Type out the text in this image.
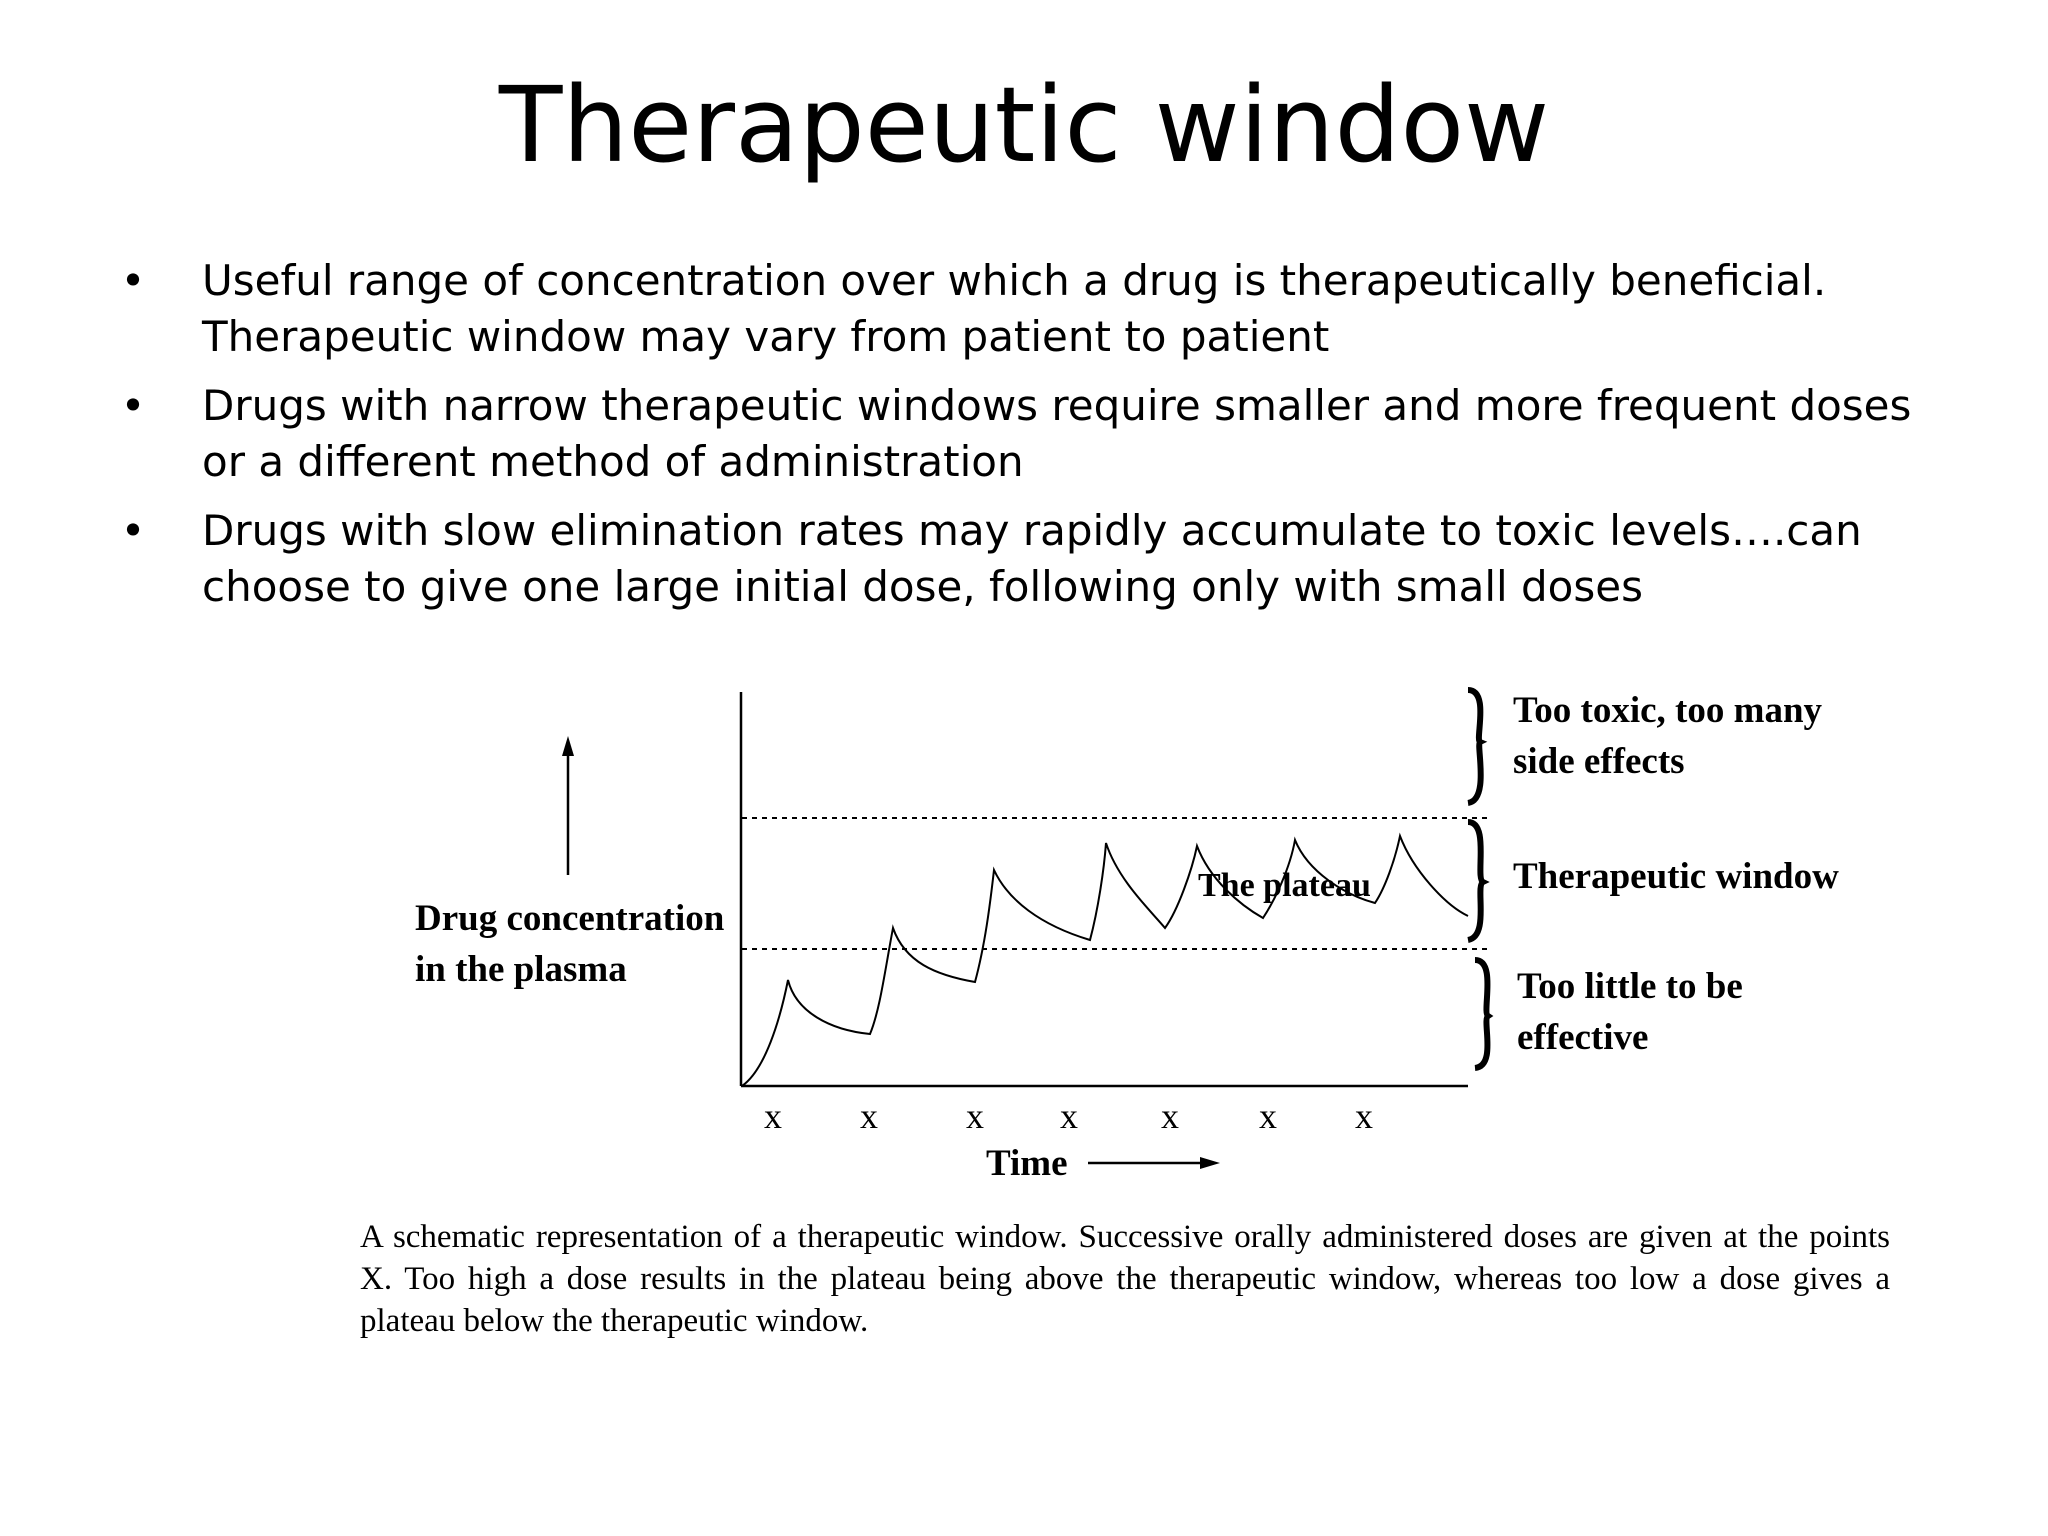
Therapeutic window
• Useful range of concentration over which a drug is therapeutically beneficial. Therapeutic window may vary from patient to patient
• Drugs with narrow therapeutic windows require smaller and more frequent doses or a different method of administration
• Drugs with slow elimination rates may rapidly accumulate to toxic levels….can choose to give one large initial dose, following only with small doses
Drug concentration
in the plasma
x x x x x x x
Time
The plateau
Too toxic, too many
side effects
Therapeutic window
Too little to be
effective

A schematic representation of a therapeutic window. Successive orally administered doses are given at the points X. Too high a dose results in the plateau being above the therapeutic window, whereas too low a dose gives a plateau below the therapeutic window.
